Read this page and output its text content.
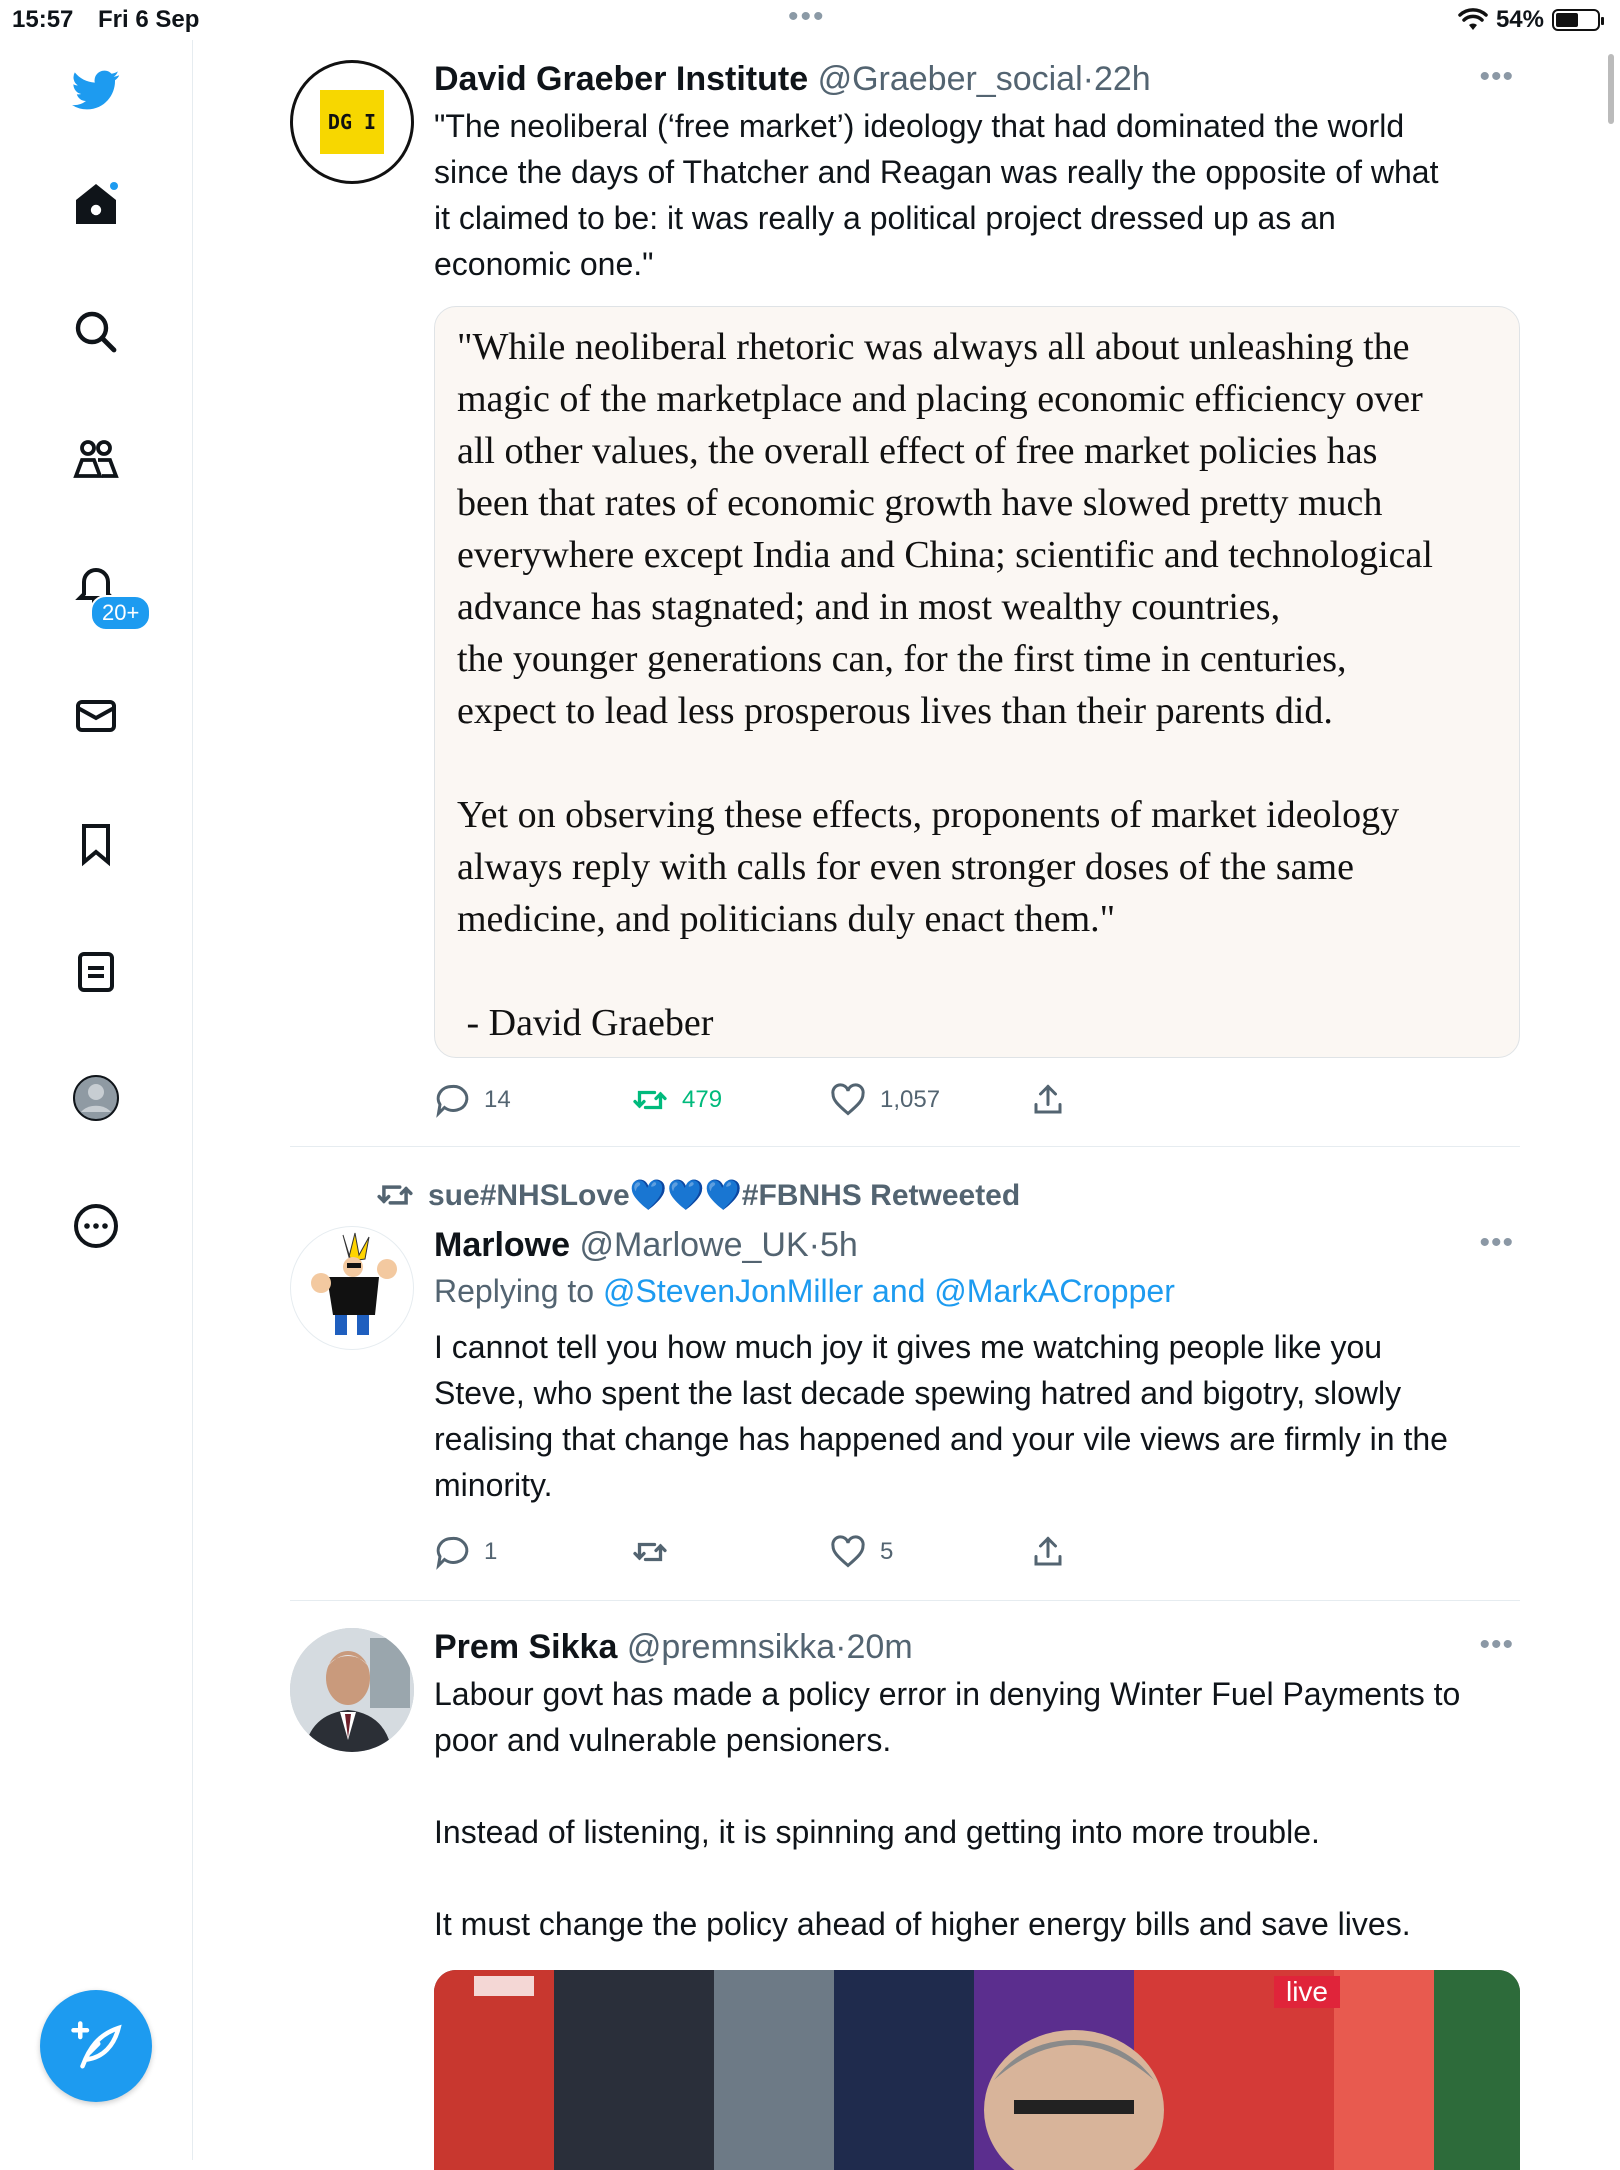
15:57 Fri 6 Sep	•••	54%
20+
DG I
David Graeber Institute @Graeber_social·22h	•••
"The neoliberal (‘free market’) ideology that had dominated the world
since the days of Thatcher and Reagan was really the opposite of what
it claimed to be: it was really a political project dressed up as an
economic one."
"While neoliberal rhetoric was always all about unleashing the
magic of the marketplace and placing economic efficiency over
all other values, the overall effect of free market policies has
been that rates of economic growth have slowed pretty much
everywhere except India and China; scientific and technological
advance has stagnated; and in most wealthy countries,
the younger generations can, for the first time in centuries,
expect to lead less prosperous lives than their parents did.

Yet on observing these effects, proponents of market ideology
always reply with calls for even stronger doses of the same
medicine, and politicians duly enact them."

- David Graeber
14	479	1,057
sue#NHSLove💙💙💙#FBNHS Retweeted
Marlowe @Marlowe_UK·5h	•••
Replying to @StevenJonMiller and @MarkACropper
I cannot tell you how much joy it gives me watching people like you
Steve, who spent the last decade spewing hatred and bigotry, slowly
realising that change has happened and your vile views are firmly in the
minority.
1	5
Prem Sikka @premnsikka·20m	•••
Labour govt has made a policy error in denying Winter Fuel Payments to
poor and vulnerable pensioners.

Instead of listening, it is spinning and getting into more trouble.

It must change the policy ahead of higher energy bills and save lives.
live
